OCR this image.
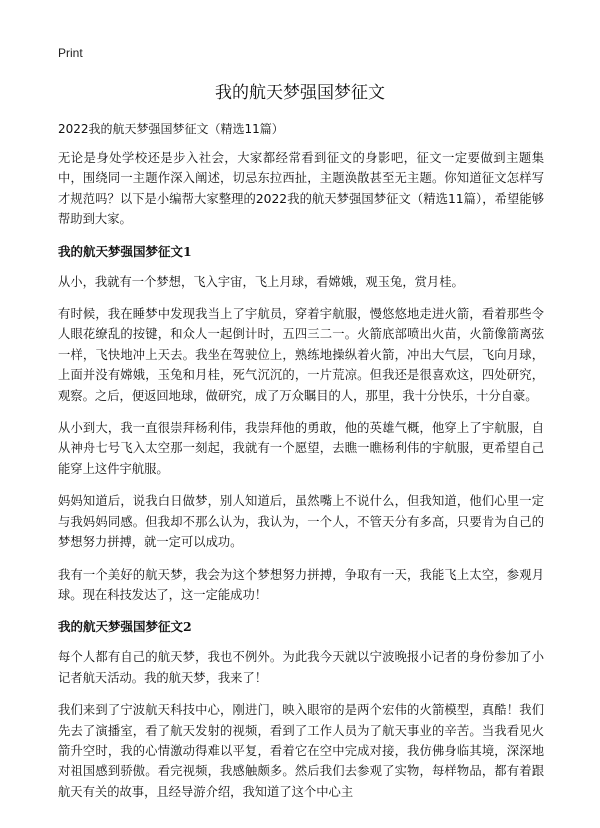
Print
我的航天梦强国梦征文
2022我的航天梦强国梦征文（精选11篇）

无论是身处学校还是步入社会，大家都经常看到征文的身影吧，征文一定要做到主题集中，围绕同一主题作深入阐述，切忌东拉西扯，主题涣散甚至无主题。你知道征文怎样写才规范吗？以下是小编帮大家整理的2022我的航天梦强国梦征文（精选11篇），希望能够帮助到大家。

我的航天梦强国梦征文1

从小，我就有一个梦想，飞入宇宙，飞上月球，看嫦娥，观玉兔，赏月桂。

有时候，我在睡梦中发现我当上了宇航员，穿着宇航服，慢悠悠地走进火箭，看着那些令人眼花缭乱的按键，和众人一起倒计时，五四三二一。火箭底部喷出火苗，火箭像箭离弦一样，飞快地冲上天去。我坐在驾驶位上，熟练地操纵着火箭，冲出大气层，飞向月球，上面并没有嫦娥，玉兔和月桂，死气沉沉的，一片荒凉。但我还是很喜欢这，四处研究，观察。之后，便返回地球，做研究，成了万众瞩目的人，那里，我十分快乐，十分自豪。

从小到大，我一直很崇拜杨利伟，我崇拜他的勇敢，他的英雄气概，他穿上了宇航服，自从神舟七号飞入太空那一刻起，我就有一个愿望，去瞧一瞧杨利伟的宇航服，更希望自己能穿上这件宇航服。

妈妈知道后，说我白日做梦，别人知道后，虽然嘴上不说什么，但我知道，他们心里一定与我妈妈同感。但我却不那么认为，我认为，一个人，不管天分有多高，只要肯为自己的梦想努力拼搏，就一定可以成功。

我有一个美好的航天梦，我会为这个梦想努力拼搏，争取有一天，我能飞上太空，参观月球。现在科技发达了，这一定能成功！

我的航天梦强国梦征文2

每个人都有自己的航天梦，我也不例外。为此我今天就以宁波晚报小记者的身份参加了小记者航天活动。我的航天梦，我来了！

我们来到了宁波航天科技中心，刚进门，映入眼帘的是两个宏伟的火箭模型，真酷！我们先去了演播室，看了航天发射的视频，看到了工作人员为了航天事业的辛苦。当我看见火箭升空时，我的心情激动得难以平复，看着它在空中完成对接，我仿佛身临其境，深深地对祖国感到骄傲。看完视频，我感触颇多。然后我们去参观了实物，每样物品，都有着跟航天有关的故事，且经导游介绍，我知道了这个中心主
